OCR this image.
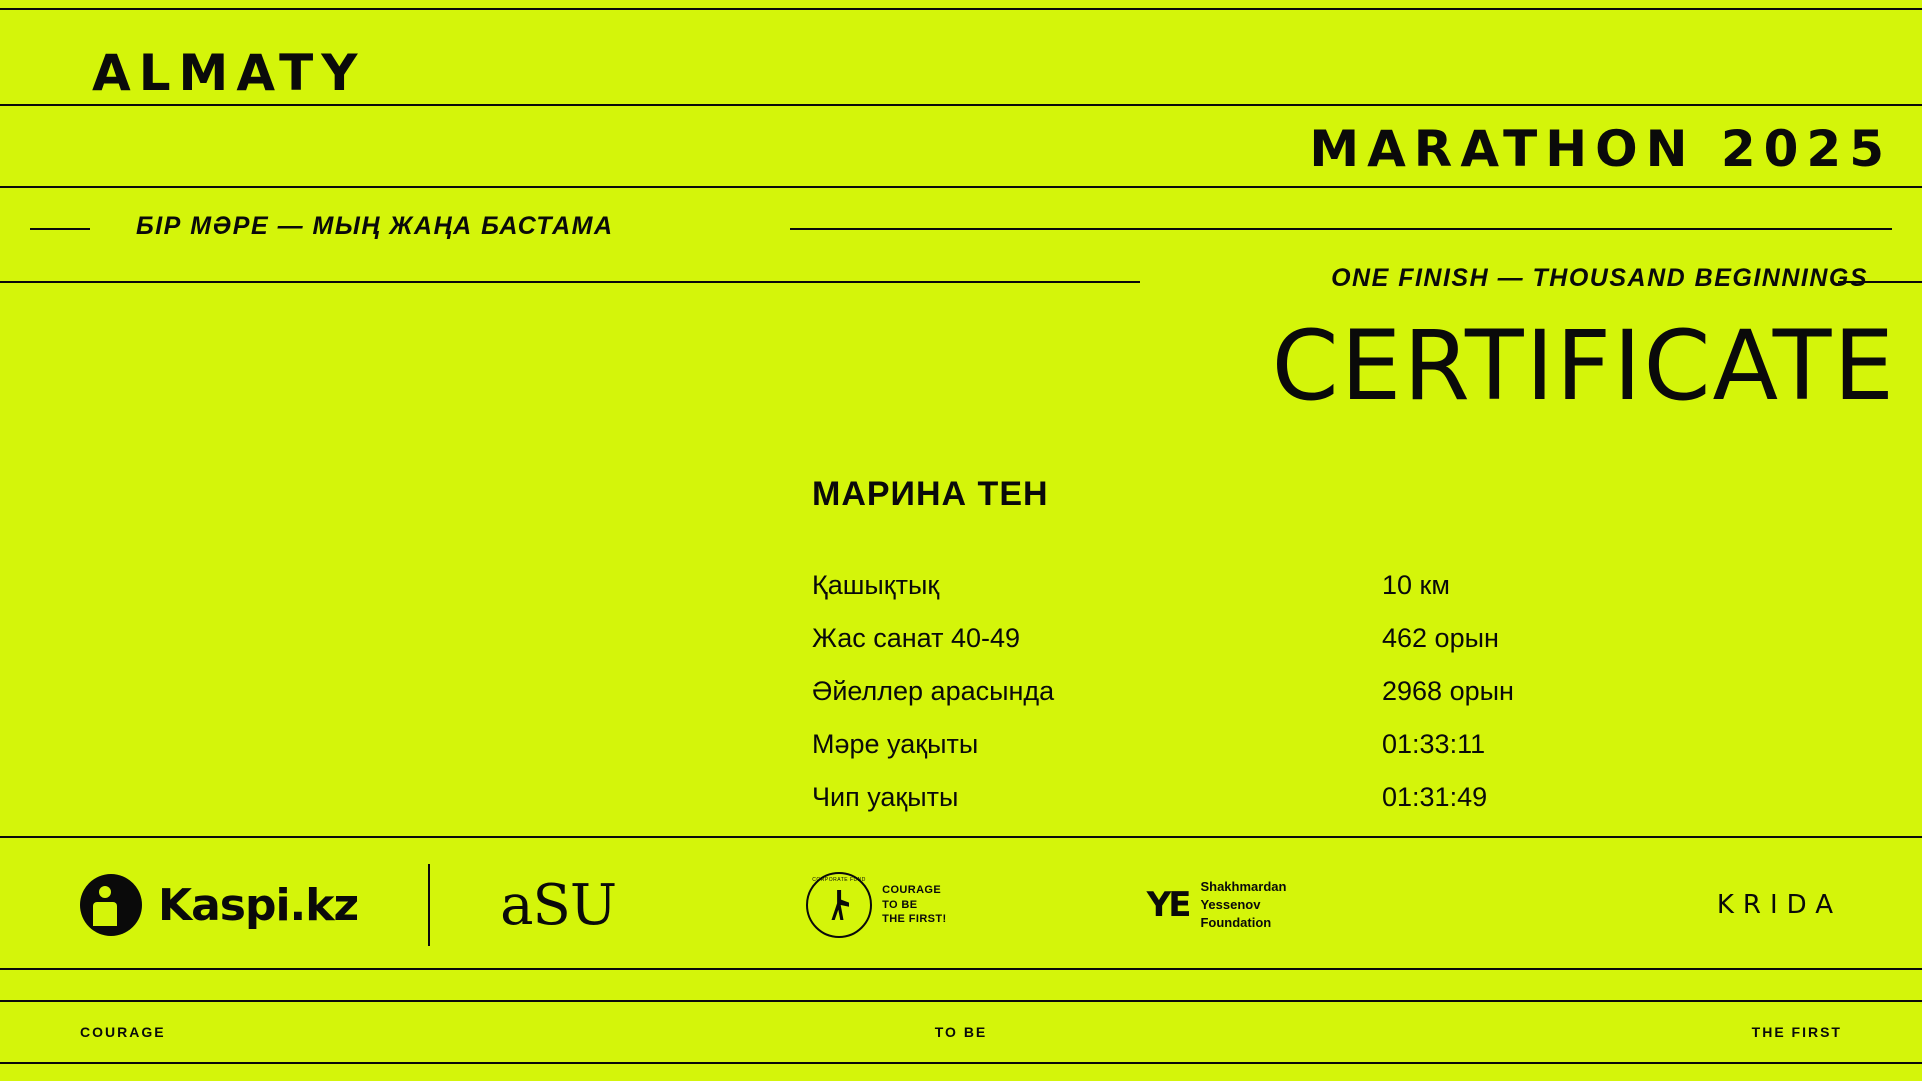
ALMATY
MARATHON 2025
БІР МӘРЕ — МЫҢ ЖАҢА БАСТАМА
ONE FINISH — THOUSAND BEGINNINGS
CERTIFICATE
МАРИНА ТЕН
Қашықтық	10 км
Жас санат 40-49	462 орын
Әйеллер арасында	2968 орын
Мәре уақыты	01:33:11
Чип уақыты	01:31:49
Kaspi.kz	aSU	CORPORATE FUND
COURAGE
TO BE
THE FIRST!	YE Shakhmardan
Yessenov
Foundation
KRIDA
COURAGE	TO BE	THE FIRST
